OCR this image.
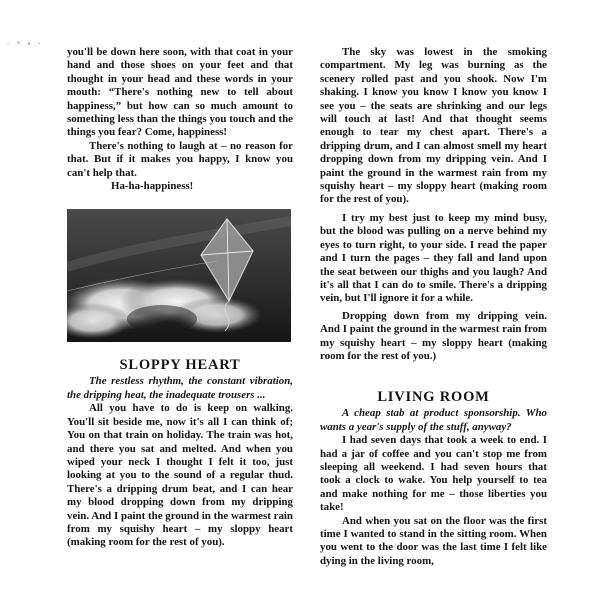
· * • ·

you'll be down here soon, with that coat in your hand and those shoes on your feet and that thought in your head and these words in your mouth: “There's nothing new to tell about happiness,” but how can so much amount to something less than the things you touch and the things you fear? Come, happiness!

There's nothing to laugh at – no reason for that. But if it makes you happy, I know you can't help that.

Ha-ha-happiness!

SLOPPY HEART

The restless rhythm, the constant vibration, the dripping heat, the inadequate trousers ...

All you have to do is keep on walking. You'll sit beside me, now it's all I can think of; You on that train on holiday. The train was hot, and there you sat and melted. And when you wiped your neck I thought I felt it too, just looking at you to the sound of a regular thud. There's a dripping drum beat, and I can hear my blood dropping down from my dripping vein. And I paint the ground in the warmest rain from my squishy heart – my sloppy heart (making room for the rest of you).

The sky was lowest in the smoking compartment. My leg was burning as the scenery rolled past and you shook. Now I'm shaking. I know you know I know you know I see you – the seats are shrinking and our legs will touch at last! And that thought seems enough to tear my chest apart. There's a dripping drum, and I can almost smell my heart dropping down from my dripping vein. And I paint the ground in the warmest rain from my squishy heart – my sloppy heart (making room for the rest of you).

I try my best just to keep my mind busy, but the blood was pulling on a nerve behind my eyes to turn right, to your side. I read the paper and I turn the pages – they fall and land upon the seat between our thighs and you laugh? And it's all that I can do to smile. There's a dripping vein, but I'll ignore it for a while.

Dropping down from my dripping vein. And I paint the ground in the warmest rain from my squishy heart – my sloppy heart (making room for the rest of you.)

LIVING ROOM

A cheap stab at product sponsorship. Who wants a year's supply of the stuff, anyway?

I had seven days that took a week to end. I had a jar of coffee and you can't stop me from sleeping all weekend. I had seven hours that took a clock to wake. You help yourself to tea and make nothing for me – those liberties you take!

And when you sat on the floor was the first time I wanted to stand in the sitting room. When you went to the door was the last time I felt like dying in the living room,
